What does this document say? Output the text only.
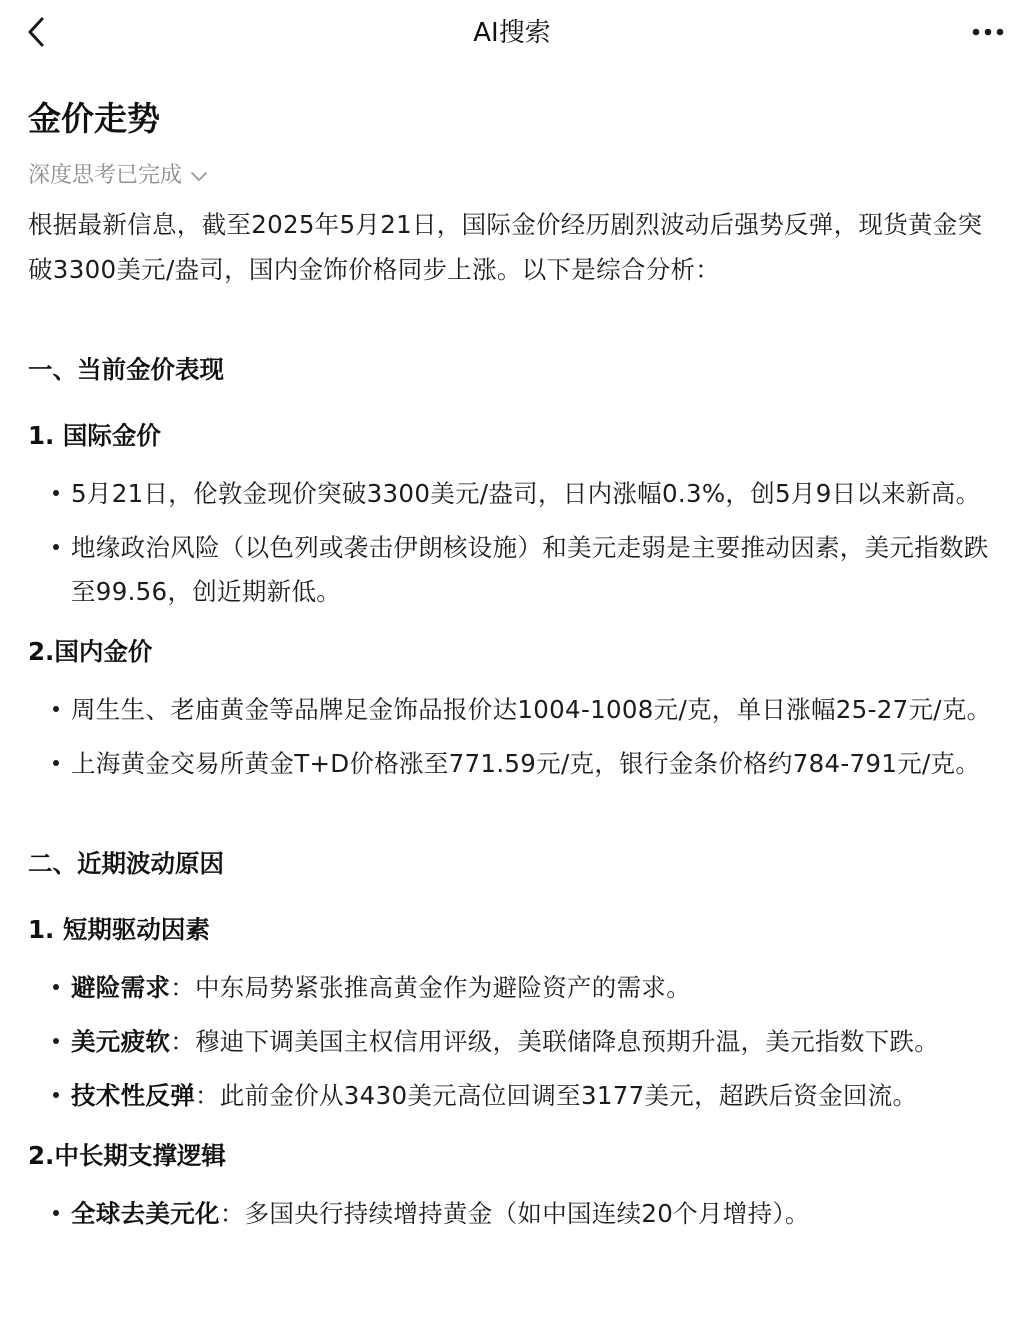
AI搜索
金价走势
深度思考已完成

根据最新信息，截至2025年5月21日，国际金价经历剧烈波动后强势反弹，现货黄金突破3300美元/盎司，国内金饰价格同步上涨。以下是综合分析：

一、当前金价表现
1. 国际金价
5月21日，伦敦金现价突破3300美元/盎司，日内涨幅0.3%，创5月9日以来新高。
地缘政治风险（以色列或袭击伊朗核设施）和美元走弱是主要推动因素，美元指数跌至99.56，创近期新低。
2.国内金价
周生生、老庙黄金等品牌足金饰品报价达1004-1008元/克，单日涨幅25-27元/克。
上海黄金交易所黄金T+D价格涨至771.59元/克，银行金条价格约784-791元/克。
二、近期波动原因
1. 短期驱动因素
避险需求：中东局势紧张推高黄金作为避险资产的需求。
美元疲软：穆迪下调美国主权信用评级，美联储降息预期升温，美元指数下跌。
技术性反弹：此前金价从3430美元高位回调至3177美元，超跌后资金回流。
2.中长期支撑逻辑
全球去美元化：多国央行持续增持黄金（如中国连续20个月增持）。
